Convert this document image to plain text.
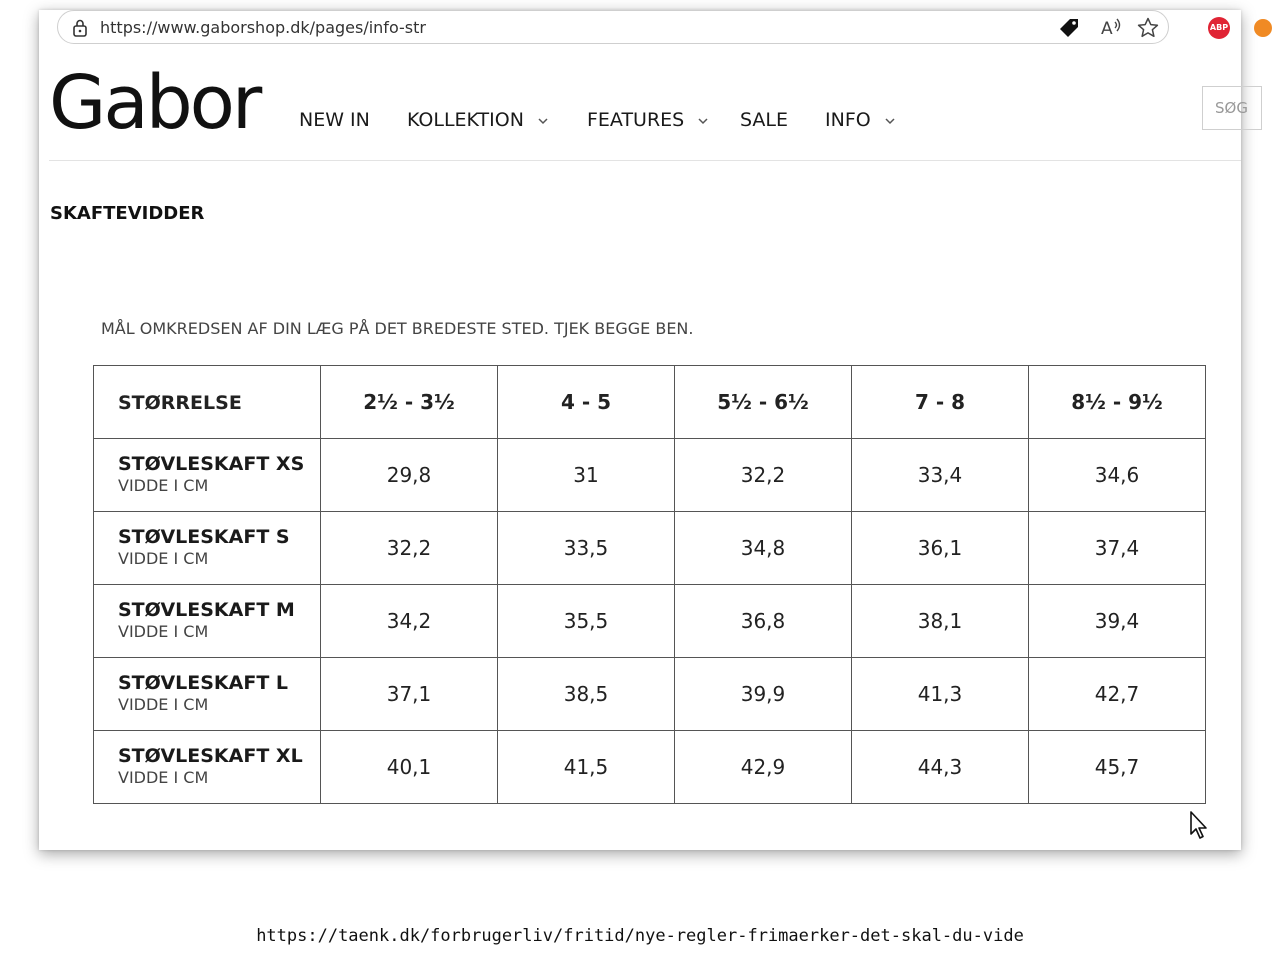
https://www.gaborshop.dk/pages/info-str	A	ABP
Gabor NEW IN KOLLEKTION	FEATURES	SALE INFO
SØG
SKAFTEVIDDER
MÅL OMKREDSEN AF DIN LÆG PÅ DET BREDESTE STED. TJEK BEGGE BEN.
STØRRELSE	2½ - 3½	4 - 5	5½ - 6½	7 - 8	8½ - 9½

STØVLESKAFT XS
VIDDE I CM	29,8	31	32,2	33,4	34,6

STØVLESKAFT S
VIDDE I CM	32,2	33,5	34,8	36,1	37,4

STØVLESKAFT M
VIDDE I CM	34,2	35,5	36,8	38,1	39,4

STØVLESKAFT L
VIDDE I CM	37,1	38,5	39,9	41,3	42,7

STØVLESKAFT XL
VIDDE I CM	40,1	41,5	42,9	44,3	45,7
https://taenk.dk/forbrugerliv/fritid/nye-regler-frimaerker-det-skal-du-vide
